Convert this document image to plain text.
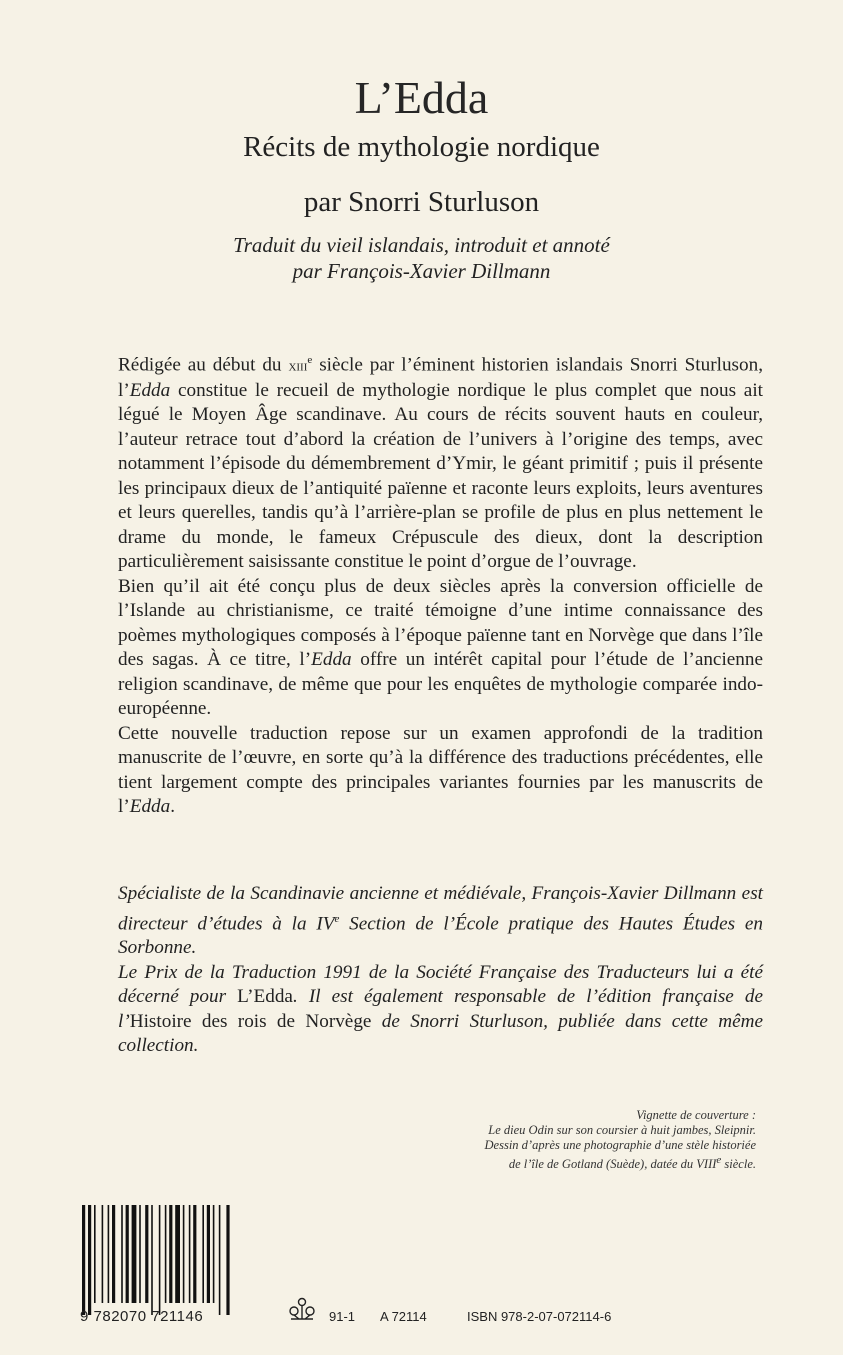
L’Edda
Récits de mythologie nordique
par Snorri Sturluson
Traduit du vieil islandais, introduit et annoté
par François-Xavier Dillmann

Rédigée au début du xiii$^e$ siècle par l’éminent historien islandais Snorri Sturluson, l’Edda constitue le recueil de mythologie nordique le plus complet que nous ait légué le Moyen Âge scandinave. Au cours de récits souvent hauts en couleur, l’auteur retrace tout d’abord la création de l’univers à l’origine des temps, avec notamment l’épisode du démembrement d’Ymir, le géant primitif ; puis il présente les principaux dieux de l’antiquité païenne et raconte leurs exploits, leurs aventures et leurs querelles, tandis qu’à l’arrière-plan se profile de plus en plus nettement le drame du monde, le fameux Crépuscule des dieux, dont la description particulièrement saisissante constitue le point d’orgue de l’ouvrage.

Bien qu’il ait été conçu plus de deux siècles après la conversion officielle de l’Islande au christianisme, ce traité témoigne d’une intime connaissance des poèmes mythologiques composés à l’époque païenne tant en Norvège que dans l’île des sagas. À ce titre, l’Edda offre un intérêt capital pour l’étude de l’ancienne religion scandinave, de même que pour les enquêtes de mythologie comparée indo-européenne.

Cette nouvelle traduction repose sur un examen approfondi de la tradition manuscrite de l’œuvre, en sorte qu’à la différence des traductions précédentes, elle tient largement compte des principales variantes fournies par les manuscrits de l’Edda.

Spécialiste de la Scandinavie ancienne et médiévale, François-Xavier Dillmann est directeur d’études à la IVe Section de l’École pratique des Hautes Études en Sorbonne.

Le Prix de la Traduction 1991 de la Société Française des Traducteurs lui a été décerné pour L’Edda. Il est également responsable de l’édition française de l’Histoire des rois de Norvège de Snorri Sturluson, publiée dans cette même collection.

Vignette de couverture :
Le dieu Odin sur son coursier à huit jambes, Sleipnir.
Dessin d’après une photographie d’une stèle historiée
de l’île de Gotland (Suède), datée du VIIIe siècle.
9 782070 721146	91-1 A 72114	ISBN 978-2-07-072114-6
